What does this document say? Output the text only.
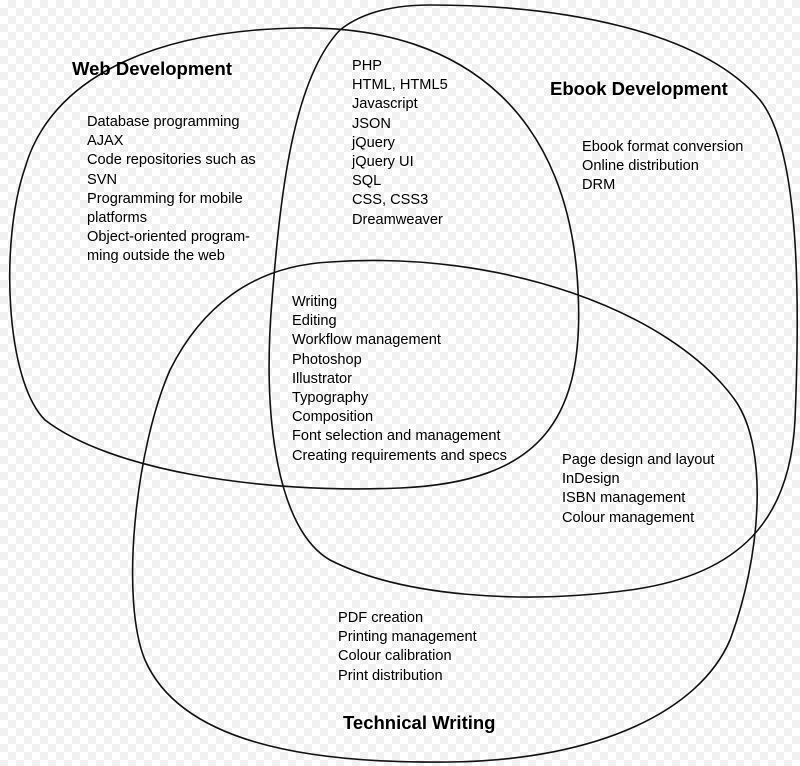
Web Development
Database programming
AJAX
Code repositories such as
SVN
Programming for mobile
platforms
Object-oriented program-
ming outside the web
PHP
HTML, HTML5
Javascript
JSON
jQuery
jQuery UI
SQL
CSS, CSS3
Dreamweaver
Ebook Development
Ebook format conversion
Online distribution
DRM
Writing
Editing
Workflow management
Photoshop
Illustrator
Typography
Composition
Font selection and management
Creating requirements and specs	Page design and layout
InDesign
ISBN management
Colour management
PDF creation
Printing management
Colour calibration
Print distribution
Technical Writing
